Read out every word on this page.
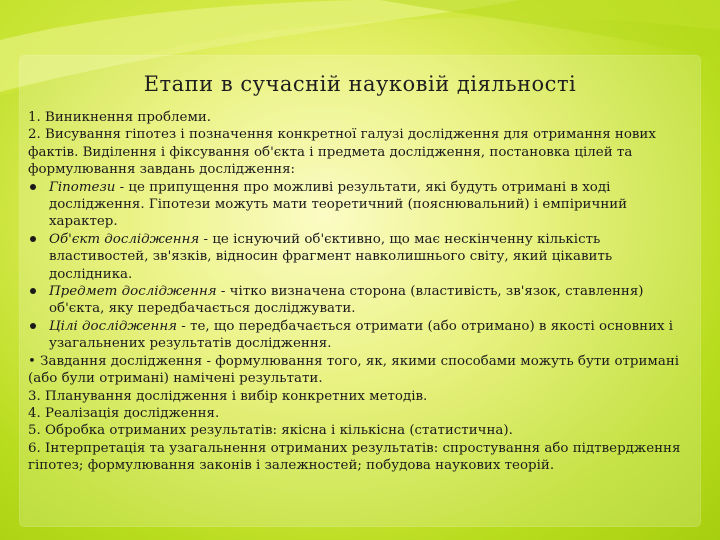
Етапи в сучасній науковій діяльності

1. Виникнення проблеми.

2. Висування гіпотез і позначення конкретної галузі дослідження для отримання нових фактів. Виділення і фіксування об'єкта і предмета дослідження, постановка цілей та формулювання завдань дослідження:

Гіпотези - це припущення про можливі результати, які будуть отримані в ході дослідження. Гіпотези можуть мати теоретичний (пояснювальний) і емпіричний характер.
Об'єкт дослідження - це існуючий об'єктивно, що має нескінченну кількість властивостей, зв'язків, відносин фрагмент навколишнього світу, який цікавить дослідника.
Предмет дослідження - чітко визначена сторона (властивість, зв'язок, ставлення) об'єкта, яку передбачається досліджувати.
Цілі дослідження - те, що передбачається отримати (або отримано) в якості основних і узагальнених результатів дослідження.

• Завдання дослідження - формулювання того, як, якими способами можуть бути отримані (або були отримані) намічені результати.

3. Планування дослідження і вибір конкретних методів.

4. Реалізація дослідження.

5. Обробка отриманих результатів: якісна і кількісна (статистична).

6. Інтерпретація та узагальнення отриманих результатів: спростування або підтвердження гіпотез; формулювання законів і залежностей; побудова наукових теорій.
